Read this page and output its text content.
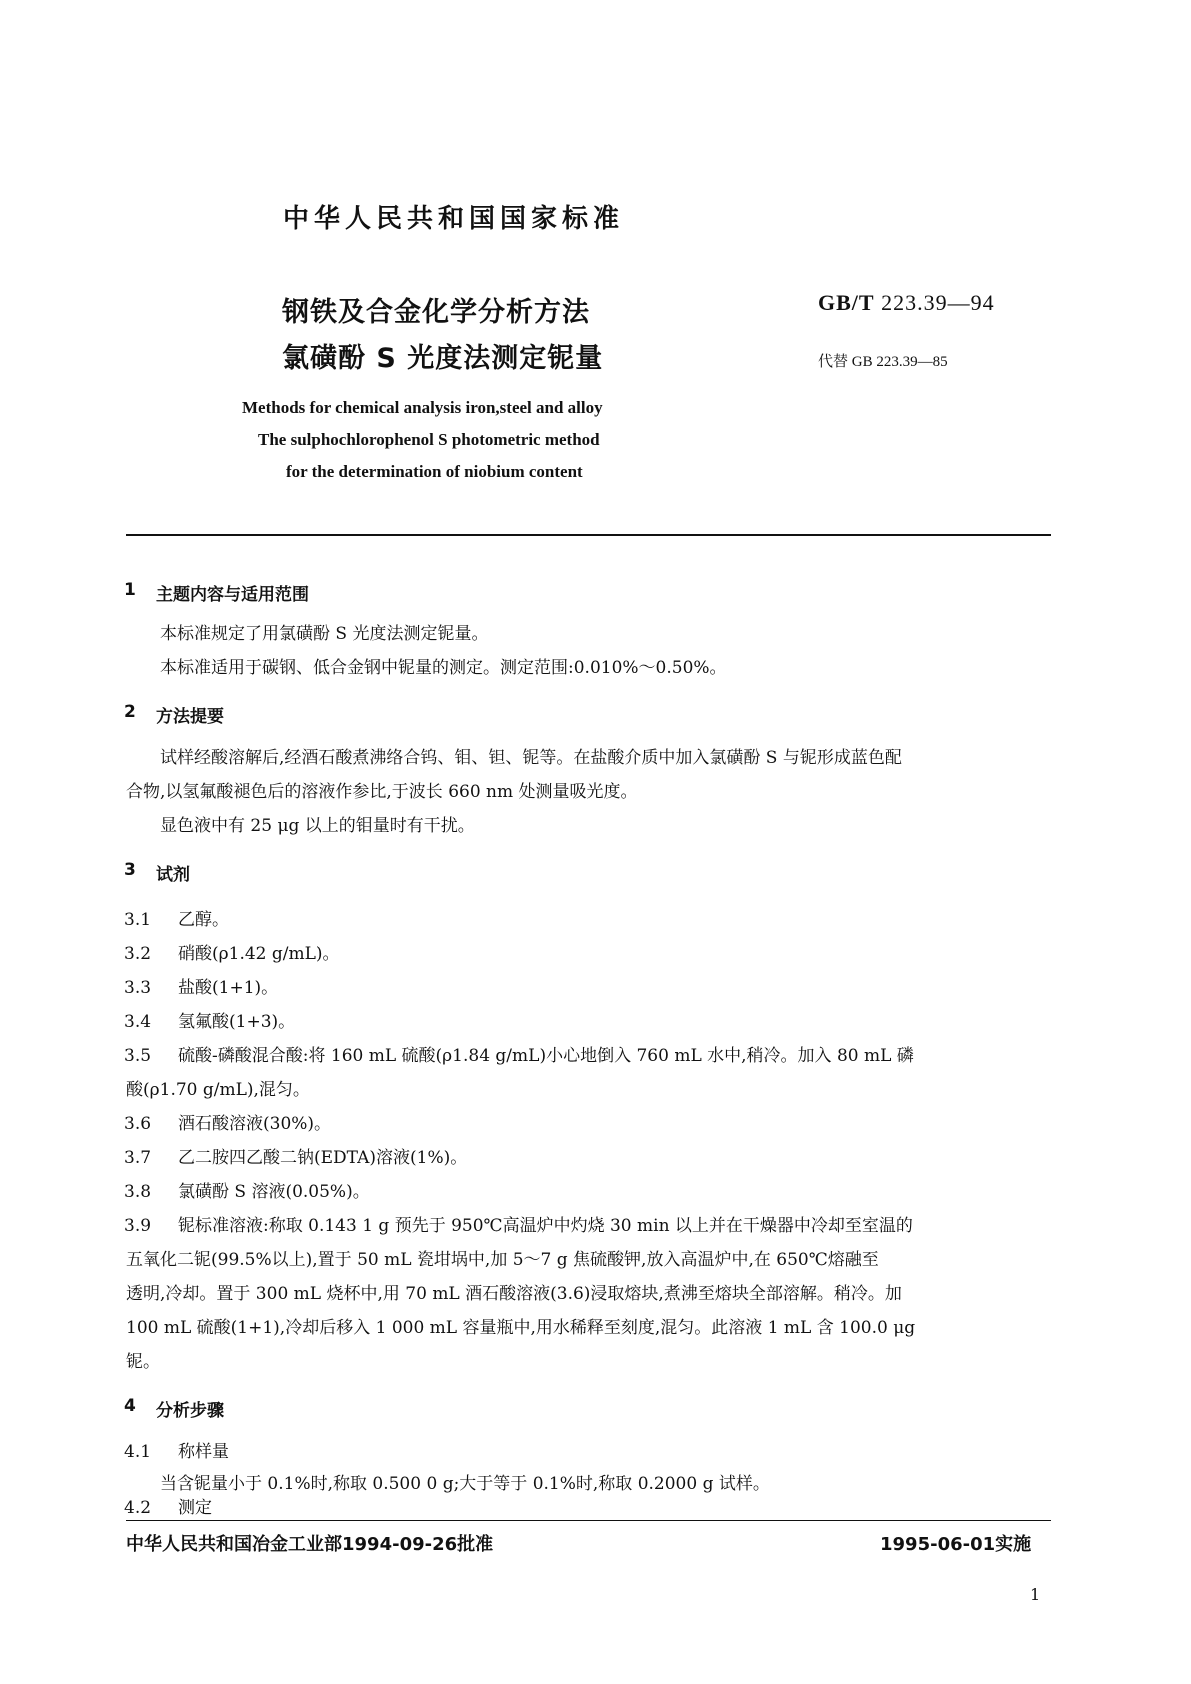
中华人民共和国国家标准
钢铁及合金化学分析方法
氯磺酚 S 光度法测定铌量
GB/T 223.39—94
代替 GB 223.39—85
Methods for chemical analysis iron,steel and alloy
The sulphochlorophenol S photometric method
for the determination of niobium content
1 主题内容与适用范围
本标准规定了用氯磺酚 S 光度法测定铌量。
本标准适用于碳钢、低合金钢中铌量的测定。测定范围:0.010%～0.50%。
2 方法提要
试样经酸溶解后,经酒石酸煮沸络合钨、钼、钽、铌等。在盐酸介质中加入氯磺酚 S 与铌形成蓝色配
合物,以氢氟酸褪色后的溶液作参比,于波长 660 nm 处测量吸光度。
显色液中有 25 μg 以上的钼量时有干扰。
3 试剂
3.1 乙醇。
3.2 硝酸(ρ1.42 g/mL)。
3.3 盐酸(1+1)。
3.4 氢氟酸(1+3)。
3.5 硫酸-磷酸混合酸:将 160 mL 硫酸(ρ1.84 g/mL)小心地倒入 760 mL 水中,稍冷。加入 80 mL 磷
酸(ρ1.70 g/mL),混匀。
3.6 酒石酸溶液(30%)。
3.7 乙二胺四乙酸二钠(EDTA)溶液(1%)。
3.8 氯磺酚 S 溶液(0.05%)。
3.9 铌标准溶液:称取 0.143 1 g 预先于 950℃高温炉中灼烧 30 min 以上并在干燥器中冷却至室温的
五氧化二铌(99.5%以上),置于 50 mL 瓷坩埚中,加 5～7 g 焦硫酸钾,放入高温炉中,在 650℃熔融至
透明,冷却。置于 300 mL 烧杯中,用 70 mL 酒石酸溶液(3.6)浸取熔块,煮沸至熔块全部溶解。稍冷。加
100 mL 硫酸(1+1),冷却后移入 1 000 mL 容量瓶中,用水稀释至刻度,混匀。此溶液 1 mL 含 100.0 μg
铌。
4 分析步骤
4.1 称样量
当含铌量小于 0.1%时,称取 0.500 0 g;大于等于 0.1%时,称取 0.2000 g 试样。
4.2 测定
中华人民共和国冶金工业部1994-09-26批准	1995-06-01实施
1
